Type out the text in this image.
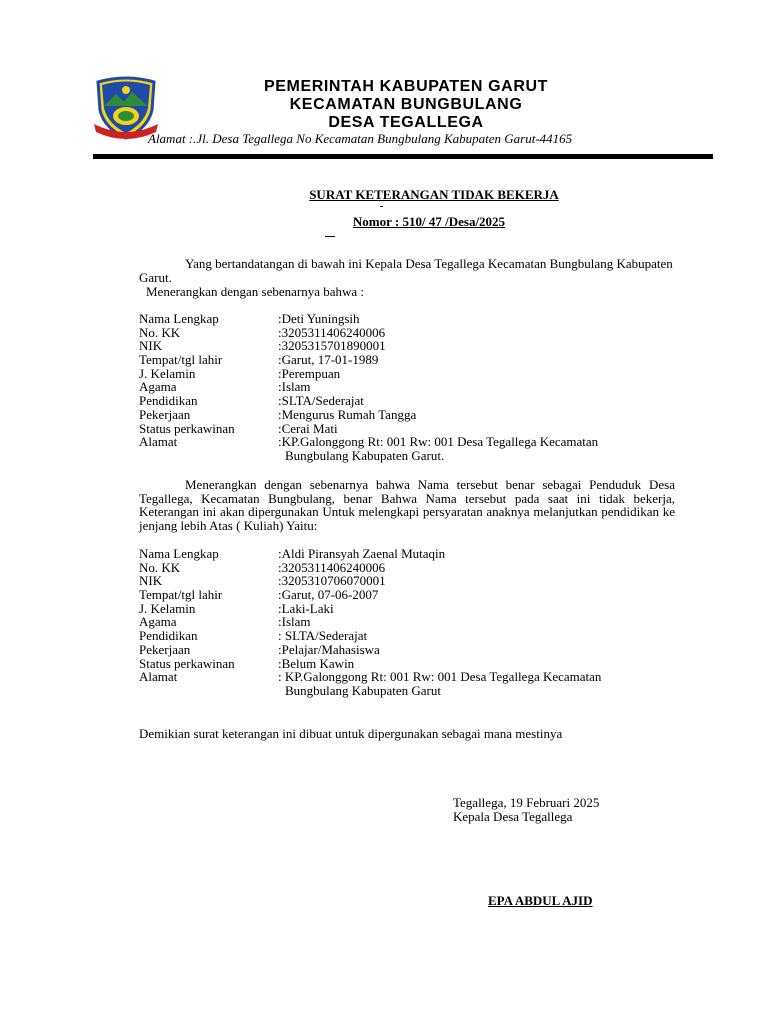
PEMERINTAH KABUPATEN GARUT
KECAMATAN BUNGBULANG
DESA TEGALLEGA
Alamat :.Jl. Desa Tegallega No Kecamatan Bungbulang Kabupaten Garut-44165
SURAT KETERANGAN TIDAK BEKERJA
Nomor : 510/ 47 /Desa/2025
Yang bertandatangan di bawah ini Kepala Desa Tegallega Kecamatan Bungbulang Kabupaten Garut.
Menerangkan dengan sebenarnya bahwa :
Nama Lengkap	:Deti Yuningsih
No. KK	:3205311406240006
NIK	:3205315701890001
Tempat/tgl lahir	:Garut, 17-01-1989
J. Kelamin	:Perempuan
Agama	:Islam
Pendidikan	:SLTA/Sederajat
Pekerjaan	:Mengurus Rumah Tangga
Status perkawinan	:Cerai Mati
Alamat	:KP.Galonggong Rt: 001 Rw: 001 Desa Tegallega Kecamatan
Bungbulang Kabupaten Garut.
Menerangkan dengan sebenarnya bahwa Nama tersebut benar sebagai Penduduk Desa Tegallega, Kecamatan Bungbulang, benar Bahwa Nama tersebut pada saat ini tidak bekerja, Keterangan ini akan dipergunakan Untuk melengkapi persyaratan anaknya melanjutkan pendidikan ke jenjang lebih Atas ( Kuliah) Yaitu:
Nama Lengkap	:Aldi Piransyah Zaenal Mutaqin
No. KK	:3205311406240006
NIK	:3205310706070001
Tempat/tgl lahir	:Garut, 07-06-2007
J. Kelamin	:Laki-Laki
Agama	:Islam
Pendidikan	: SLTA/Sederajat
Pekerjaan	:Pelajar/Mahasiswa
Status perkawinan	:Belum Kawin
Alamat	: KP.Galonggong Rt: 001 Rw: 001 Desa Tegallega Kecamatan
Bungbulang Kabupaten Garut
Demikian surat keterangan ini dibuat untuk dipergunakan sebagai mana mestinya
Tegallega, 19 Februari 2025
Kepala Desa Tegallega
EPA ABDUL AJID
